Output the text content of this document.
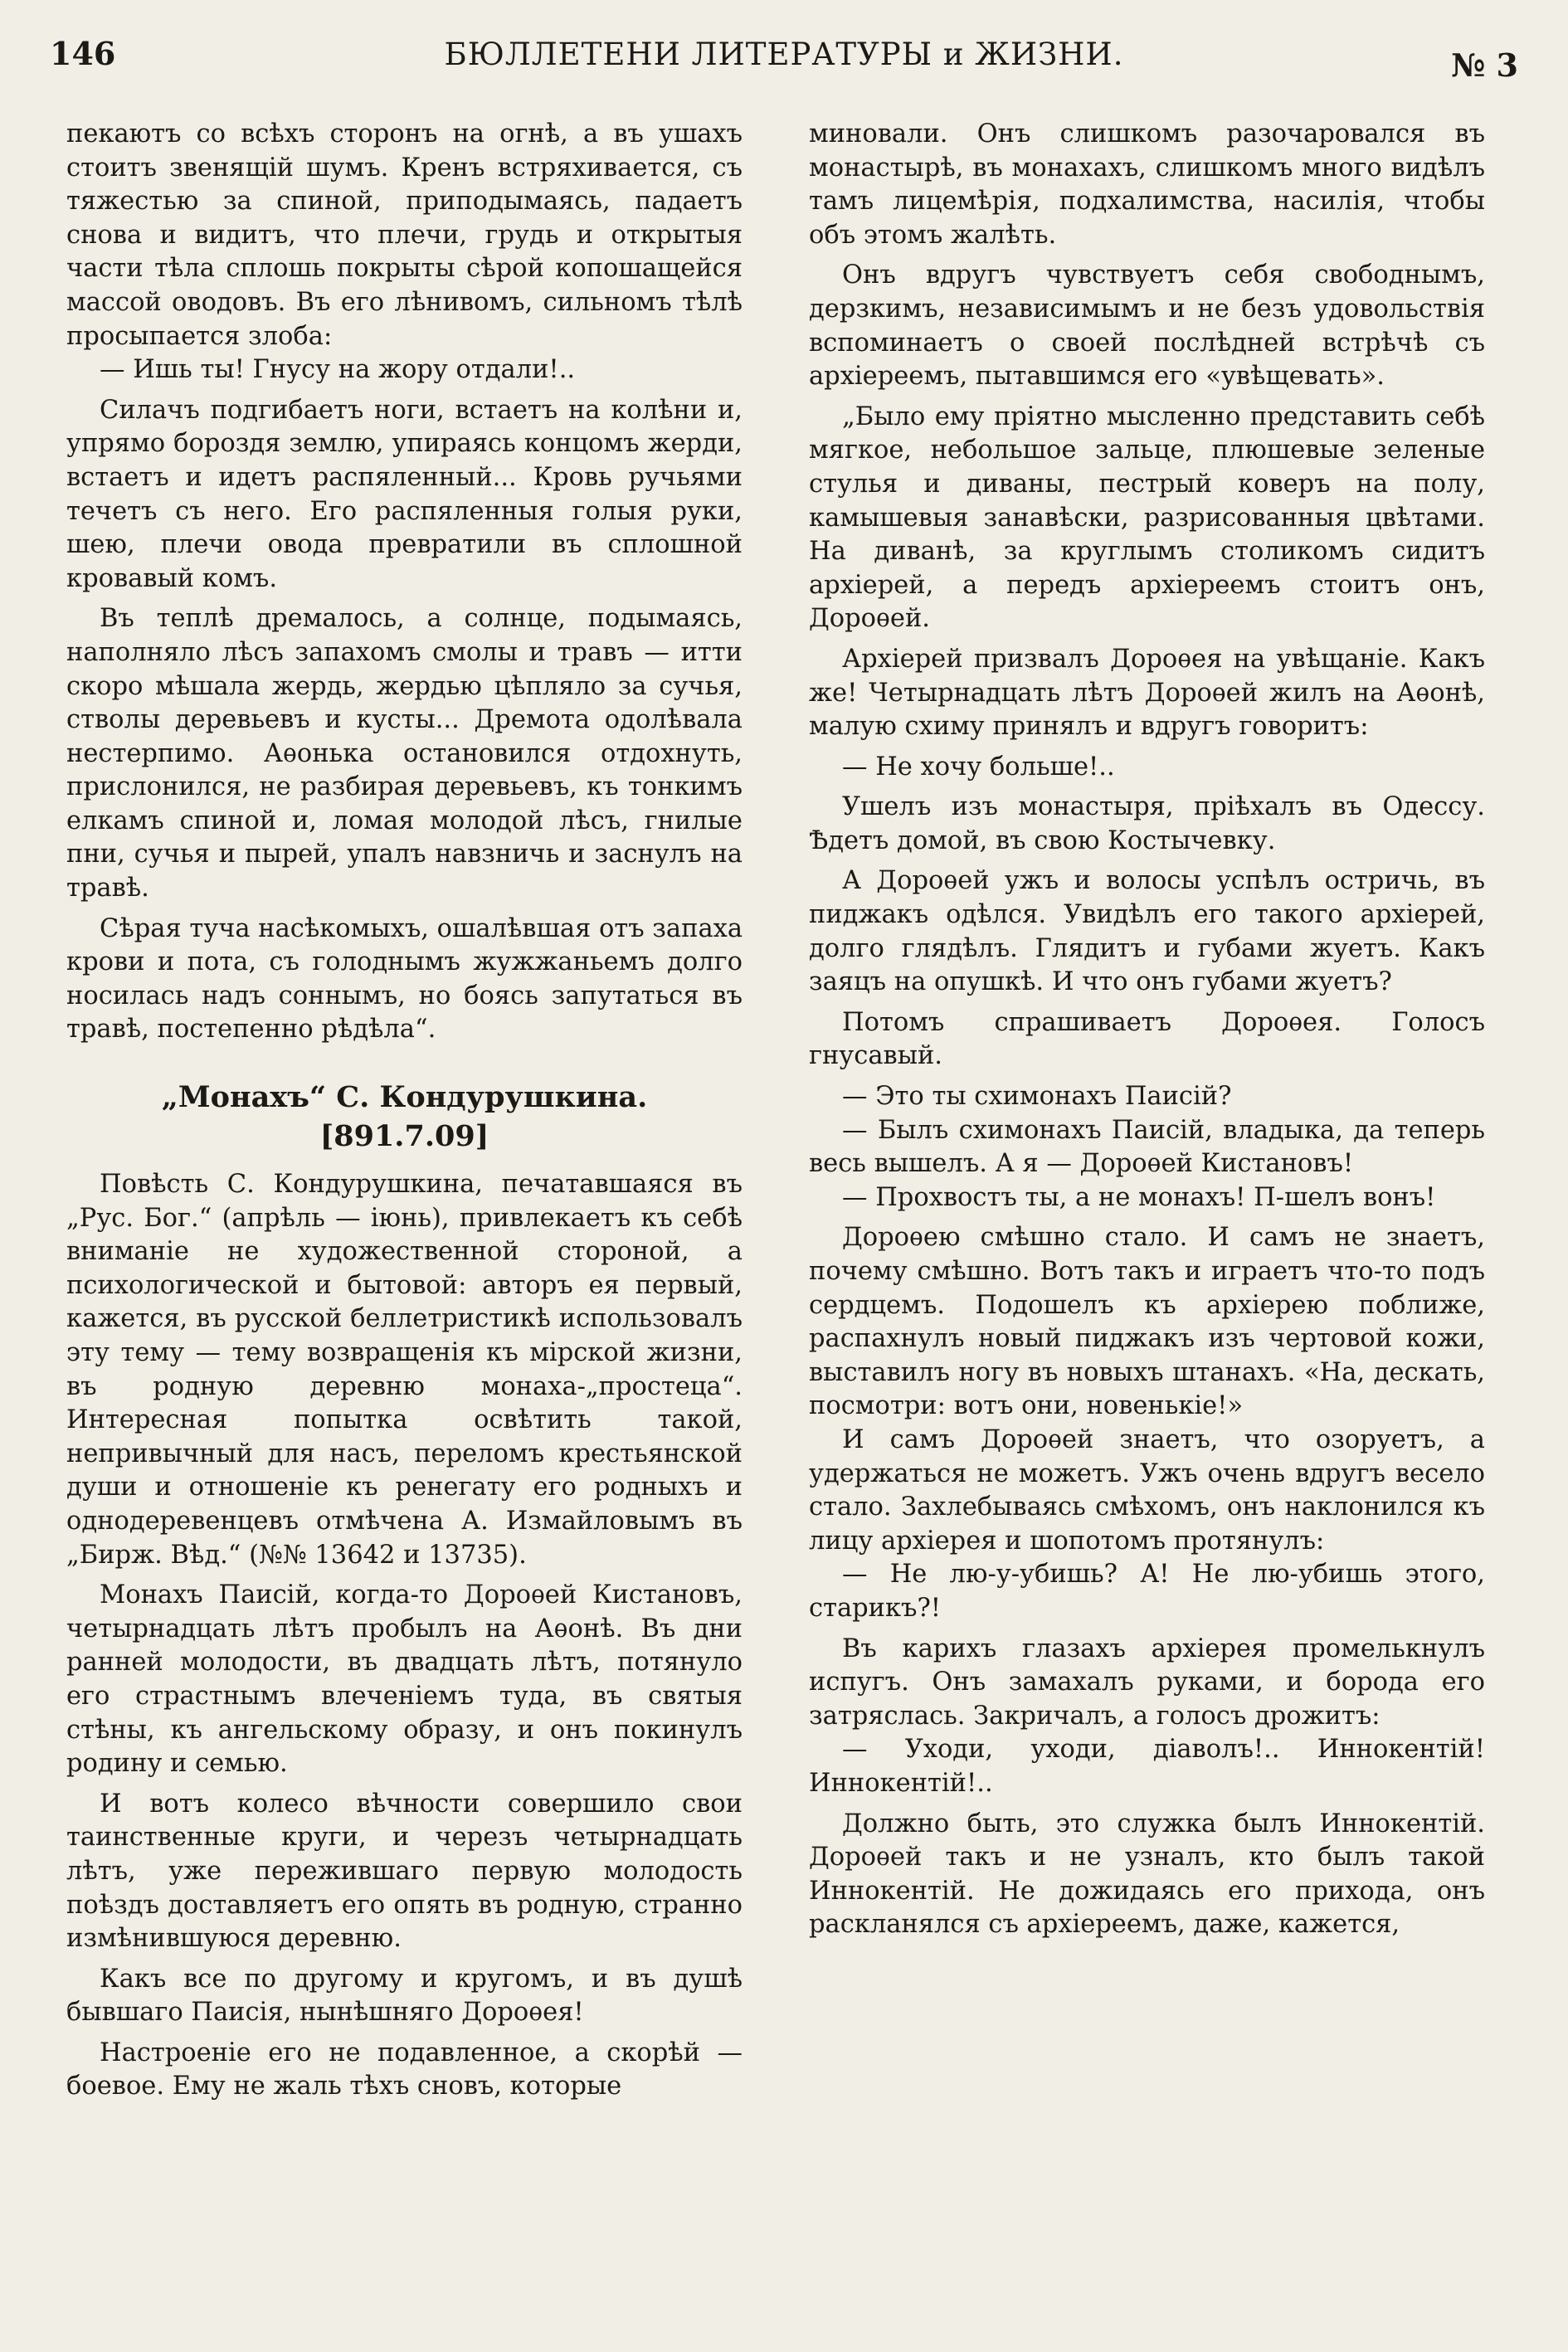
146	БЮЛЛЕТЕНИ ЛИТЕРАТУРЫ и ЖИЗНИ.	№ 3

пекаютъ со всѣхъ сторонъ на огнѣ, а въ ушахъ стоитъ звенящій шумъ. Кренъ встряхивается, съ тяжестью за спиной, приподымаясь, падаетъ снова и видитъ, что плечи, грудь и открытыя части тѣла сплошь покрыты сѣрой копошащейся массой оводовъ. Въ его лѣнивомъ, сильномъ тѣлѣ просыпается злоба:

— Ишь ты! Гнусу на жору отдали!..

Силачъ подгибаетъ ноги, встаетъ на колѣни и, упрямо бороздя землю, упираясь концомъ жерди, встаетъ и идетъ распяленный... Кровь ручьями течетъ съ него. Его распяленныя голыя руки, шею, плечи овода превратили въ сплошной кровавый комъ.

Въ теплѣ дремалось, а солнце, подымаясь, наполняло лѣсъ запахомъ смолы и травъ — итти скоро мѣшала жердь, жердью цѣпляло за сучья, стволы деревьевъ и кусты... Дремота одолѣвала нестерпимо. Аѳонька остановился отдохнуть, прислонился, не разбирая деревьевъ, къ тонкимъ елкамъ спиной и, ломая молодой лѣсъ, гнилые пни, сучья и пырей, упалъ навзничь и заснулъ на травѣ.

Сѣрая туча насѣкомыхъ, ошалѣвшая отъ запаха крови и пота, съ голоднымъ жужжаньемъ долго носилась надъ соннымъ, но боясь запутаться въ травѣ, постепенно рѣдѣла“.

„Монахъ“ С. Кондурушкина.
[891.7.09]

Повѣсть С. Кондурушкина, печатавшаяся въ „Рус. Бог.“ (апрѣль — іюнь), привлекаетъ къ себѣ вниманіе не художественной стороной, а психологической и бытовой: авторъ ея первый, кажется, въ русской беллетристикѣ использовалъ эту тему — тему возвращенія къ мірской жизни, въ родную деревню монаха-„простеца“. Интересная попытка освѣтить такой, непривычный для насъ, переломъ крестьянской души и отношеніе къ ренегату его родныхъ и однодеревенцевъ отмѣчена А. Измайловымъ въ „Бирж. Вѣд.“ (№№ 13642 и 13735).

Монахъ Паисій, когда-то Дороѳей Кистановъ, четырнадцать лѣтъ пробылъ на Аѳонѣ. Въ дни ранней молодости, въ двадцать лѣтъ, потянуло его страстнымъ влеченіемъ туда, въ святыя стѣны, къ ангельскому образу, и онъ покинулъ родину и семью.

И вотъ колесо вѣчности совершило свои таинственные круги, и черезъ четырнадцать лѣтъ, уже пережившаго первую молодость поѣздъ доставляетъ его опять въ родную, странно измѣнившуюся деревню.

Какъ все по другому и кругомъ, и въ душѣ бывшаго Паисія, нынѣшняго Дороѳея!

Настроеніе его не подавленное, а скорѣй — боевое. Ему не жаль тѣхъ сновъ, которые

миновали. Онъ слишкомъ разочаровался въ монастырѣ, въ монахахъ, слишкомъ много видѣлъ тамъ лицемѣрія, подхалимства, насилія, чтобы объ этомъ жалѣть.

Онъ вдругъ чувствуетъ себя свободнымъ, дерзкимъ, независимымъ и не безъ удовольствія вспоминаетъ о своей послѣдней встрѣчѣ съ архіереемъ, пытавшимся его «увѣщевать».

„Было ему пріятно мысленно представить себѣ мягкое, небольшое зальце, плюшевые зеленые стулья и диваны, пестрый коверъ на полу, камышевыя занавѣски, разрисованныя цвѣтами. На диванѣ, за круглымъ столикомъ сидитъ архіерей, а передъ архіереемъ стоитъ онъ, Дороѳей.

Архіерей призвалъ Дороѳея на увѣщаніе. Какъ же! Четырнадцать лѣтъ Дороѳей жилъ на Аѳонѣ, малую схиму принялъ и вдругъ говоритъ:

— Не хочу больше!..

Ушелъ изъ монастыря, пріѣхалъ въ Одессу. Ѣдетъ домой, въ свою Костычевку.

А Дороѳей ужъ и волосы успѣлъ остричь, въ пиджакъ одѣлся. Увидѣлъ его такого архіерей, долго глядѣлъ. Глядитъ и губами жуетъ. Какъ заяцъ на опушкѣ. И что онъ губами жуетъ?

Потомъ спрашиваетъ Дороѳея. Голосъ гнусавый.

— Это ты схимонахъ Паисій?

— Былъ схимонахъ Паисій, владыка, да теперь весь вышелъ. А я — Дороѳей Кистановъ!

— Прохвостъ ты, а не монахъ! П-шелъ вонъ!

Дороѳею смѣшно стало. И самъ не знаетъ, почему смѣшно. Вотъ такъ и играетъ что-то подъ сердцемъ. Подошелъ къ архіерею поближе, распахнулъ новый пиджакъ изъ чертовой кожи, выставилъ ногу въ новыхъ штанахъ. «На, дескать, посмотри: вотъ они, новенькіе!»

И самъ Дороѳей знаетъ, что озоруетъ, а удержаться не можетъ. Ужъ очень вдругъ весело стало. Захлебываясь смѣхомъ, онъ наклонился къ лицу архіерея и шопотомъ протянулъ:

— Не лю-у-убишь? А! Не лю-убишь этого, старикъ?!

Въ карихъ глазахъ архіерея промелькнулъ испугъ. Онъ замахалъ руками, и борода его затряслась. Закричалъ, а голосъ дрожитъ:

— Уходи, уходи, діаволъ!.. Иннокентій! Иннокентій!..

Должно быть, это служка былъ Иннокентій. Дороѳей такъ и не узналъ, кто былъ такой Иннокентій. Не дожидаясь его прихода, онъ раскланялся съ архіереемъ, даже, кажется,
